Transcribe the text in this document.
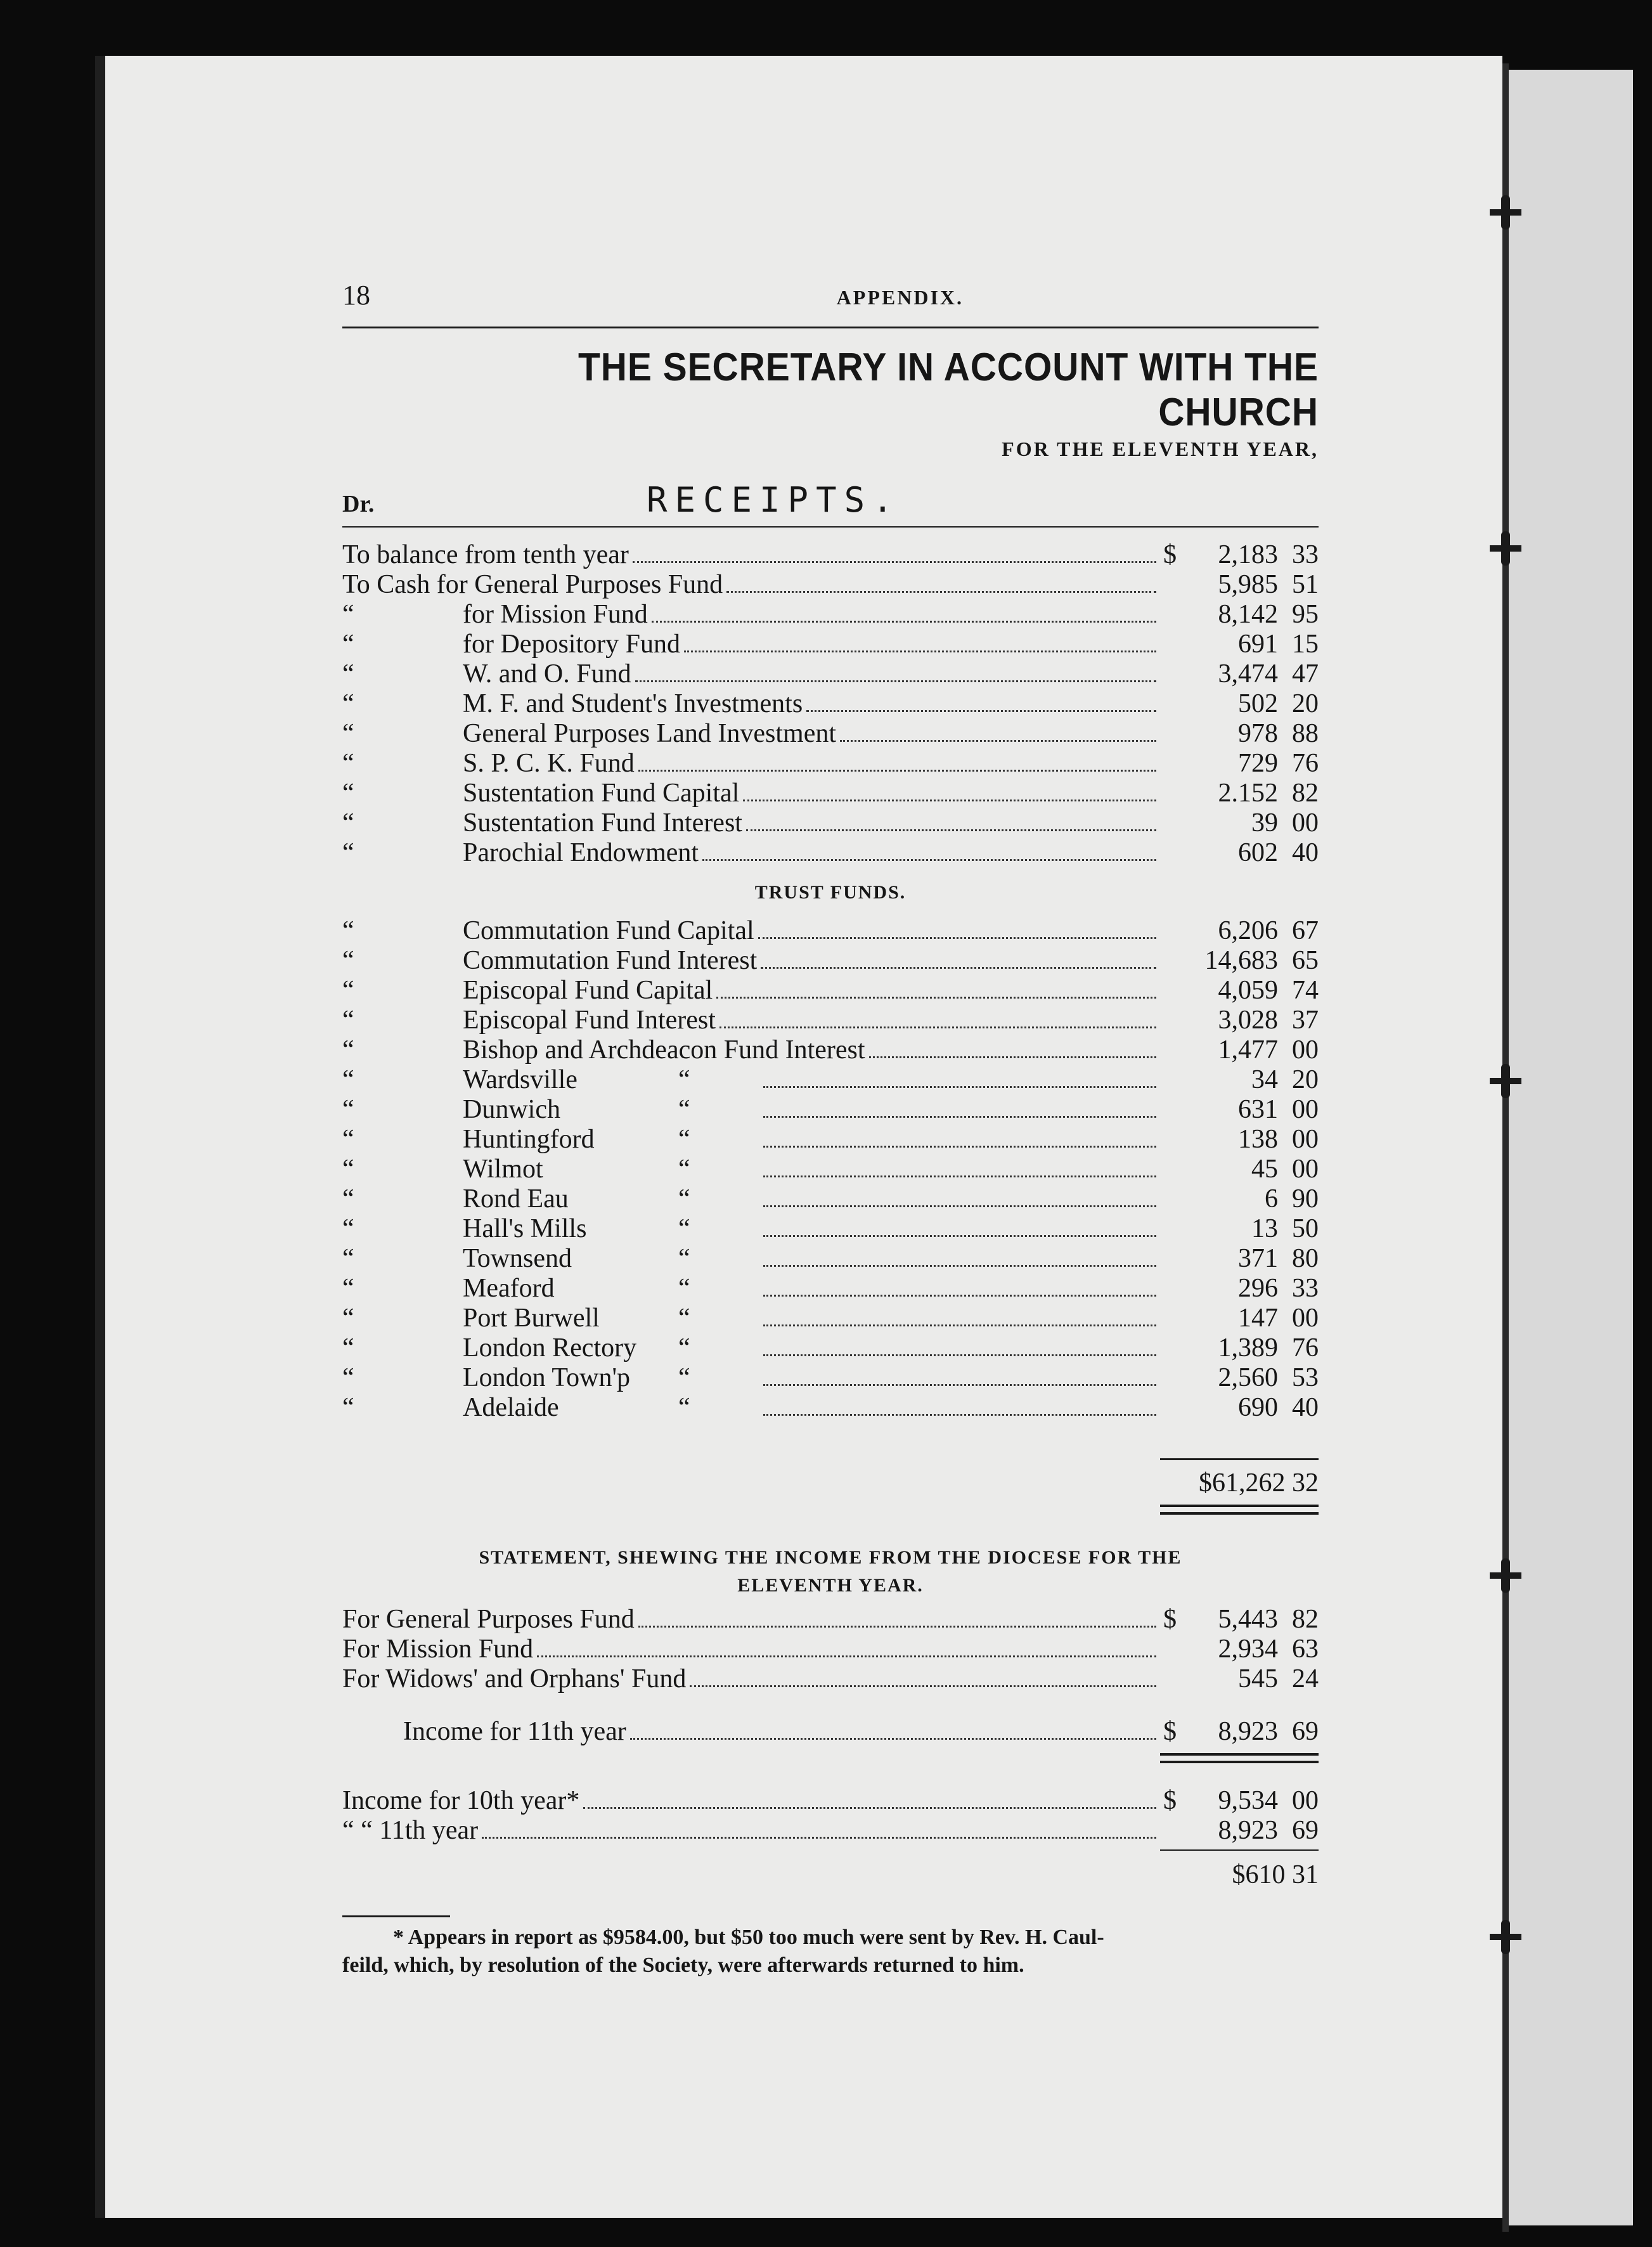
18	APPENDIX.
THE SECRETARY IN ACCOUNT WITH THE CHURCH
FOR THE ELEVENTH YEAR,
Dr.	RECEIPTS.
To balance from tenth year	$	2,183 33
To Cash for General Purposes Fund	5,985 51
“	for Mission Fund	8,142 95
“	for Depository Fund	691 15
“	W. and O. Fund	3,474 47
“	M. F. and Student's Investments	502 20
“	General Purposes Land Investment	978 88
“	S. P. C. K. Fund	729 76
“	Sustentation Fund Capital	2.152 82
“	Sustentation Fund Interest	39 00
“	Parochial Endowment	602 40
TRUST FUNDS.
“	Commutation Fund Capital	6,206 67
“	Commutation Fund Interest	14,683 65
“	Episcopal Fund Capital	4,059 74
“	Episcopal Fund Interest	3,028 37
“	Bishop and Archdeacon Fund Interest	1,477 00
“	Wardsville	“	34 20
“	Dunwich	“	631 00
“	Huntingford	“	138 00
“	Wilmot	“	45 00
“	Rond Eau	“	6 90
“	Hall's Mills	“	13 50
“	Townsend	“	371 80
“	Meaford	“	296 33
“	Port Burwell	“	147 00
“	London Rectory	“	1,389 76
“	London Town'p	“	2,560 53
“	Adelaide	“	690 40
$61,262 32
STATEMENT, SHEWING THE INCOME FROM THE DIOCESE FOR THE
ELEVENTH YEAR.
For General Purposes Fund	$	5,443 82
For Mission Fund	2,934 63
For Widows' and Orphans' Fund	545 24
Income for 11th year	$	8,923 69
Income for 10th year*	$	9,534 00
“ “ 11th year	8,923 69
$610 31
* Appears in report as $9584.00, but $50 too much were sent by Rev. H. Caul-
feild, which, by resolution of the Society, were afterwards returned to him.
